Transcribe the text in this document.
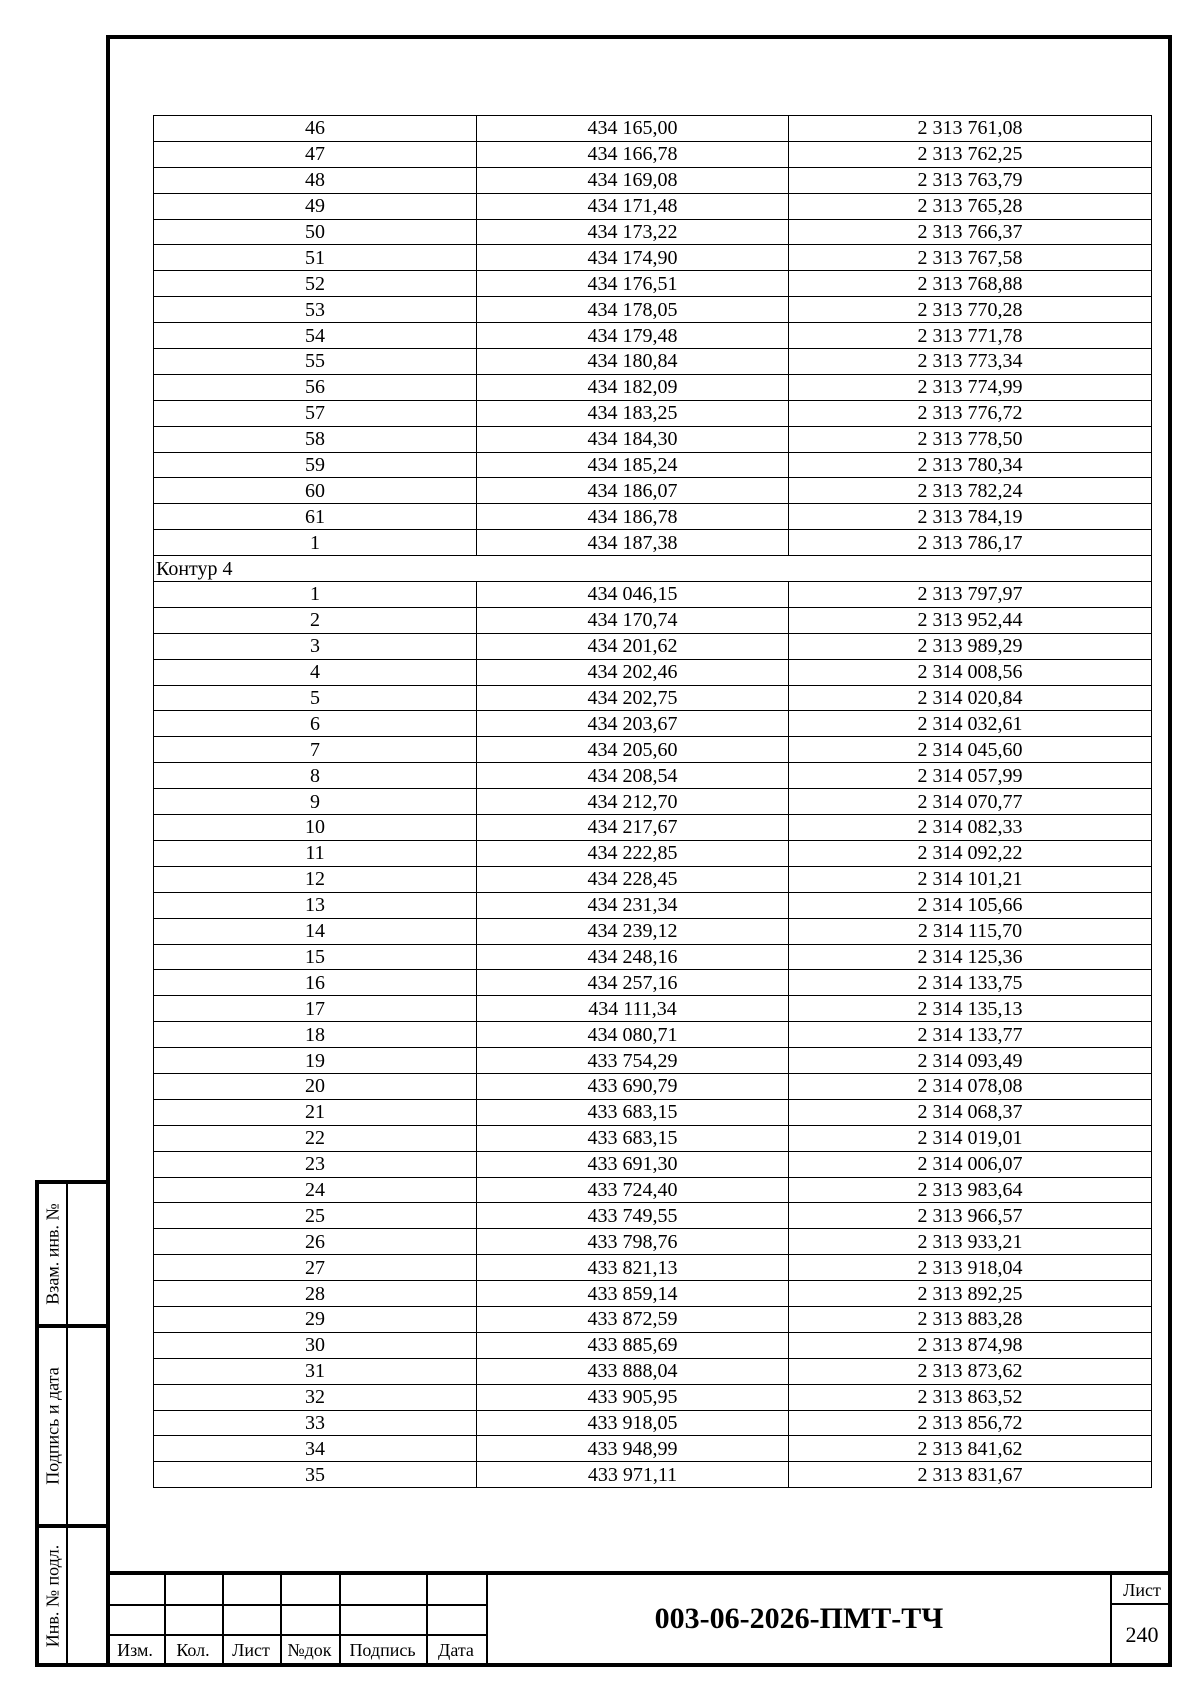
46	434 165,00	2 313 761,08
47	434 166,78	2 313 762,25
48	434 169,08	2 313 763,79
49	434 171,48	2 313 765,28
50	434 173,22	2 313 766,37
51	434 174,90	2 313 767,58
52	434 176,51	2 313 768,88
53	434 178,05	2 313 770,28
54	434 179,48	2 313 771,78
55	434 180,84	2 313 773,34
56	434 182,09	2 313 774,99
57	434 183,25	2 313 776,72
58	434 184,30	2 313 778,50
59	434 185,24	2 313 780,34
60	434 186,07	2 313 782,24
61	434 186,78	2 313 784,19
1	434 187,38	2 313 786,17
Контур 4		
1	434 046,15	2 313 797,97
2	434 170,74	2 313 952,44
3	434 201,62	2 313 989,29
4	434 202,46	2 314 008,56
5	434 202,75	2 314 020,84
6	434 203,67	2 314 032,61
7	434 205,60	2 314 045,60
8	434 208,54	2 314 057,99
9	434 212,70	2 314 070,77
10	434 217,67	2 314 082,33
11	434 222,85	2 314 092,22
12	434 228,45	2 314 101,21
13	434 231,34	2 314 105,66
14	434 239,12	2 314 115,70
15	434 248,16	2 314 125,36
16	434 257,16	2 314 133,75
17	434 111,34	2 314 135,13
18	434 080,71	2 314 133,77
19	433 754,29	2 314 093,49
20	433 690,79	2 314 078,08
21	433 683,15	2 314 068,37
22	433 683,15	2 314 019,01
23	433 691,30	2 314 006,07
24	433 724,40	2 313 983,64
25	433 749,55	2 313 966,57
26	433 798,76	2 313 933,21
27	433 821,13	2 313 918,04
28	433 859,14	2 313 892,25
29	433 872,59	2 313 883,28
30	433 885,69	2 313 874,98
31	433 888,04	2 313 873,62
32	433 905,95	2 313 863,52
33	433 918,05	2 313 856,72
34	433 948,99	2 313 841,62
35	433 971,11	2 313 831,67
Взам. инв. №
Подпись и дата
Инв. № подл.
Изм.	Кол.	Лист №док Подпись	Дата
003-06-2026-ПМТ-ТЧ
Лист
240
